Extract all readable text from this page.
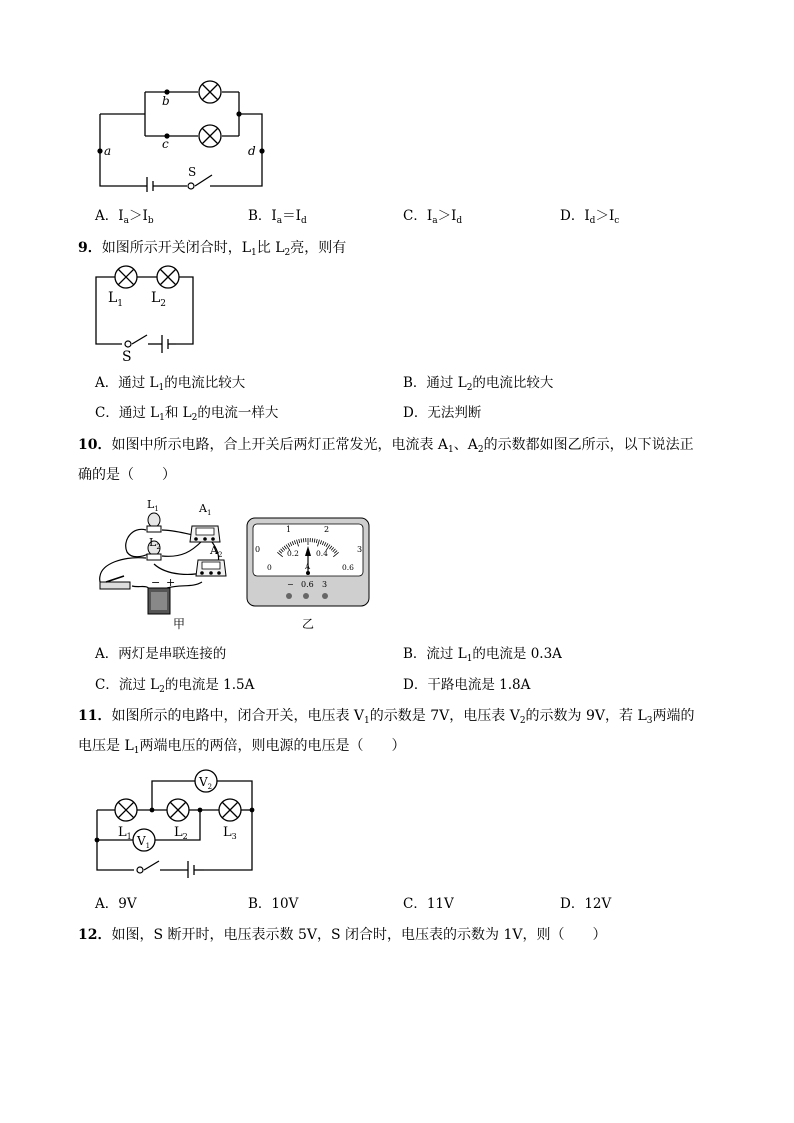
a
b
c	d
S
A．$I_a>I_b$	B．$I_a=I_d$	C．$I_a>I_d$	D．$I_d>I_c$
9．如图所示开关闭合时，$L_1$比 $L_2$亮，则有
$L_1$ $L_2$
S
A．通过 $L_1$的电流比较大	B．通过 $L_2$的电流比较大
C．通过 $L_1$和 $L_2$的电流一样大	D．无法判断
10．如图中所示电路，合上开关后两灯正常发光，电流表 $A_1$、$A_2$的示数都如图乙所示，以下说法正
确的是（　　）
$L_1$
$L_2$
$A_1$
$A_2$
− +
甲
0
1	2
3
0
0.2 0.4
0.6
A
− 0.6 3
乙
A．两灯是串联连接的	B．流过 $L_1$的电流是 0.3A
C．流过 $L_2$的电流是 1.5A	D．干路电流是 1.8A
11．如图所示的电路中，闭合开关，电压表 $V_1$的示数是 7V，电压表 $V_2$的示数为 9V，若 $L_3$两端的
电压是 $L_1$两端电压的两倍，则电源的电压是（　　）
$V_2$
$V_1$
$L_1$	$L_2$	$L_3$
A．9V	B．10V	C．11V	D．12V
12．如图，S 断开时，电压表示数 5V，S 闭合时，电压表的示数为 1V，则（　　）
